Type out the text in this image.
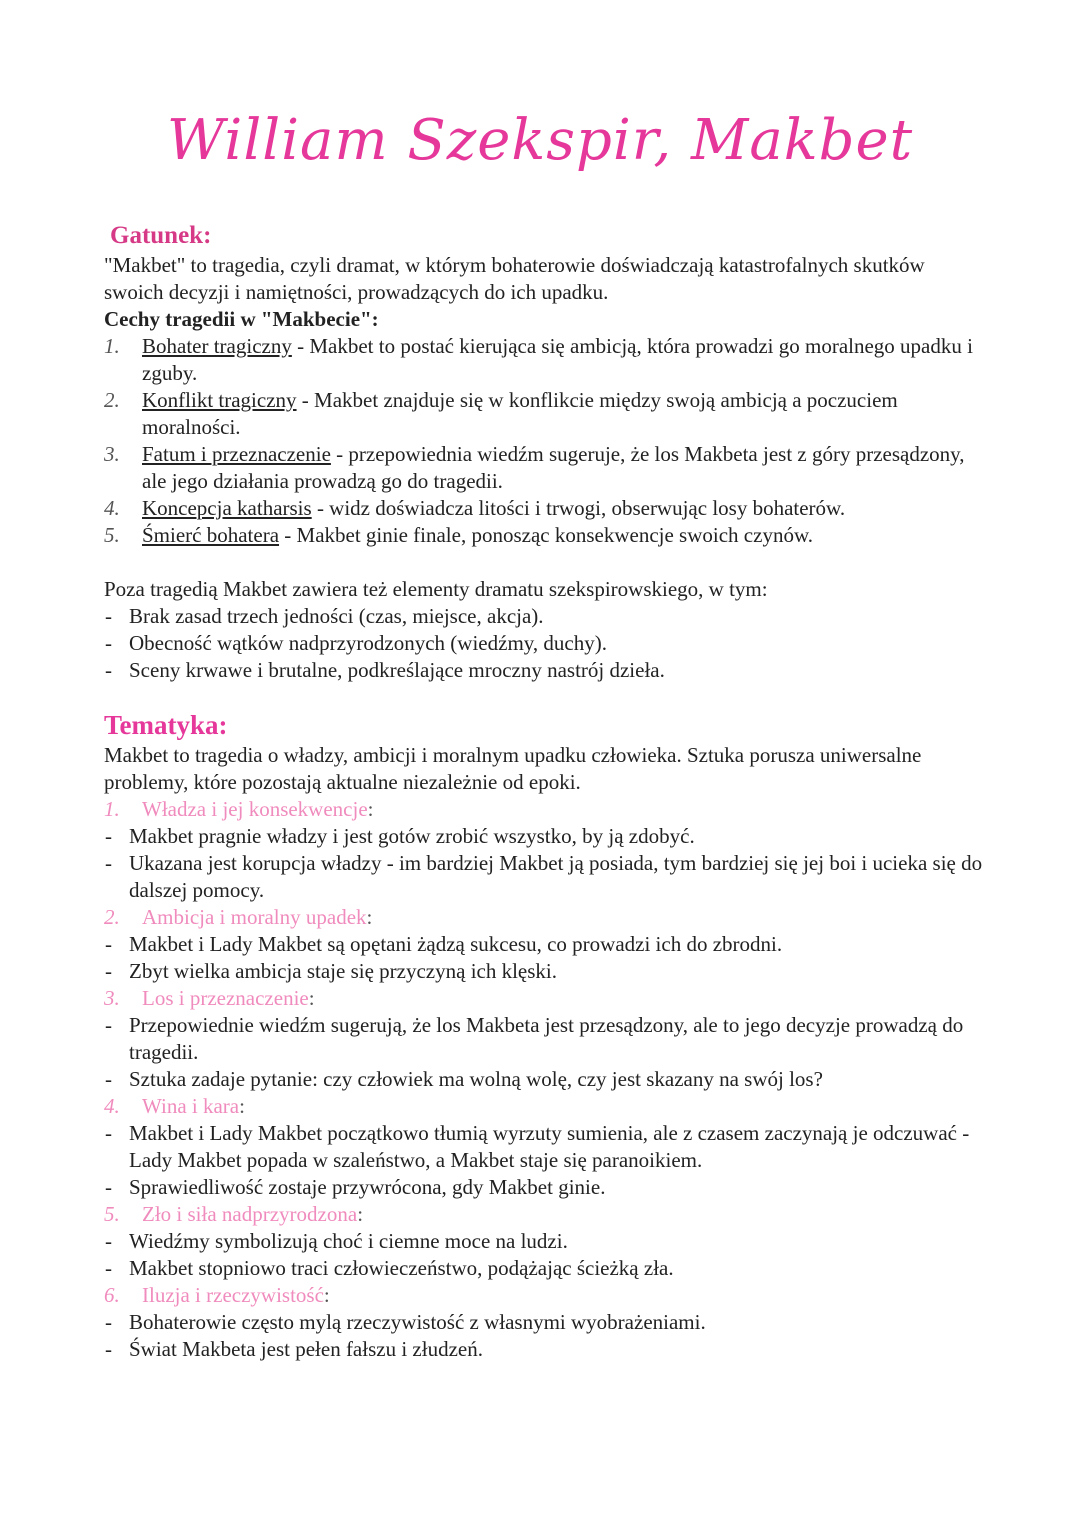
William Szekspir, Makbet
Gatunek:

"Makbet" to tragedia, czyli dramat, w którym bohaterowie doświadczają katastrofalnych skutków swoich decyzji i namiętności, prowadzących do ich upadku.

Cechy tragedii w "Makbecie":

1. Bohater tragiczny - Makbet to postać kierująca się ambicją, która prowadzi go moralnego upadku i zguby.
2. Konflikt tragiczny - Makbet znajduje się w konflikcie między swoją ambicją a poczuciem moralności.
3. Fatum i przeznaczenie - przepowiednia wiedźm sugeruje, że los Makbeta jest z góry przesądzony, ale jego działania prowadzą go do tragedii.
4. Koncepcja katharsis - widz doświadcza litości i trwogi, obserwując losy bohaterów.
5. Śmierć bohatera - Makbet ginie finale, ponosząc konsekwencje swoich czynów.

Poza tragedią Makbet zawiera też elementy dramatu szekspirowskiego, w tym:

- Brak zasad trzech jedności (czas, miejsce, akcja).
- Obecność wątków nadprzyrodzonych (wiedźmy, duchy).
- Sceny krwawe i brutalne, podkreślające mroczny nastrój dzieła.
Tematyka:

Makbet to tragedia o władzy, ambicji i moralnym upadku człowieka. Sztuka porusza uniwersalne problemy, które pozostają aktualne niezależnie od epoki.

1. Władza i jej konsekwencje:
- Makbet pragnie władzy i jest gotów zrobić wszystko, by ją zdobyć.
- Ukazana jest korupcja władzy - im bardziej Makbet ją posiada, tym bardziej się jej boi i ucieka się do dalszej pomocy.
2. Ambicja i moralny upadek:
- Makbet i Lady Makbet są opętani żądzą sukcesu, co prowadzi ich do zbrodni.
- Zbyt wielka ambicja staje się przyczyną ich klęski.
3. Los i przeznaczenie:
- Przepowiednie wiedźm sugerują, że los Makbeta jest przesądzony, ale to jego decyzje prowadzą do tragedii.
- Sztuka zadaje pytanie: czy człowiek ma wolną wolę, czy jest skazany na swój los?
4. Wina i kara:
- Makbet i Lady Makbet początkowo tłumią wyrzuty sumienia, ale z czasem zaczynają je odczuwać - Lady Makbet popada w szaleństwo, a Makbet staje się paranoikiem.
- Sprawiedliwość zostaje przywrócona, gdy Makbet ginie.
5. Zło i siła nadprzyrodzona:
- Wiedźmy symbolizują choć i ciemne moce na ludzi.
- Makbet stopniowo traci człowieczeństwo, podążając ścieżką zła.
6. Iluzja i rzeczywistość:
- Bohaterowie często mylą rzeczywistość z własnymi wyobrażeniami.
- Świat Makbeta jest pełen fałszu i złudzeń.
